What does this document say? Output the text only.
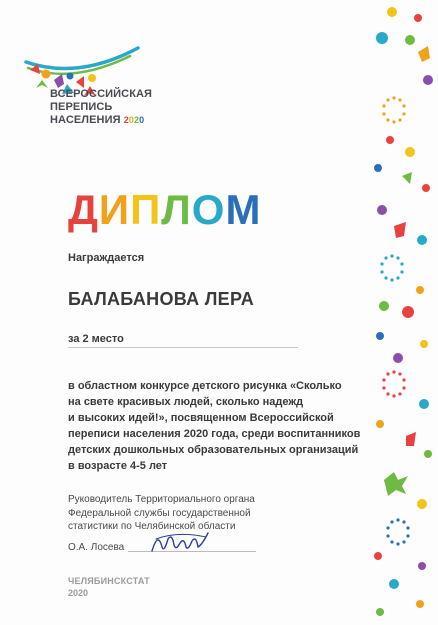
ВСЕРОССИЙСКАЯ
ПЕРЕПИСЬ
НАСЕЛЕНИЯ 2020
ДИПЛОМ
Награждается
БАЛАБАНОВА ЛЕРА
за 2 место
в областном конкурсе детского рисунка «Сколько
на свете красивых людей, сколько надежд
и высоких идей!», посвященном Всероссийской
переписи населения 2020 года, среди воспитанников
детских дошкольных образовательных организаций
в возрасте 4-5 лет
Руководитель Территориального органа
Федеральной службы государственной
статистики по Челябинской области
О.А. Лосева
ЧЕЛЯБИНСКСТАТ
2020
